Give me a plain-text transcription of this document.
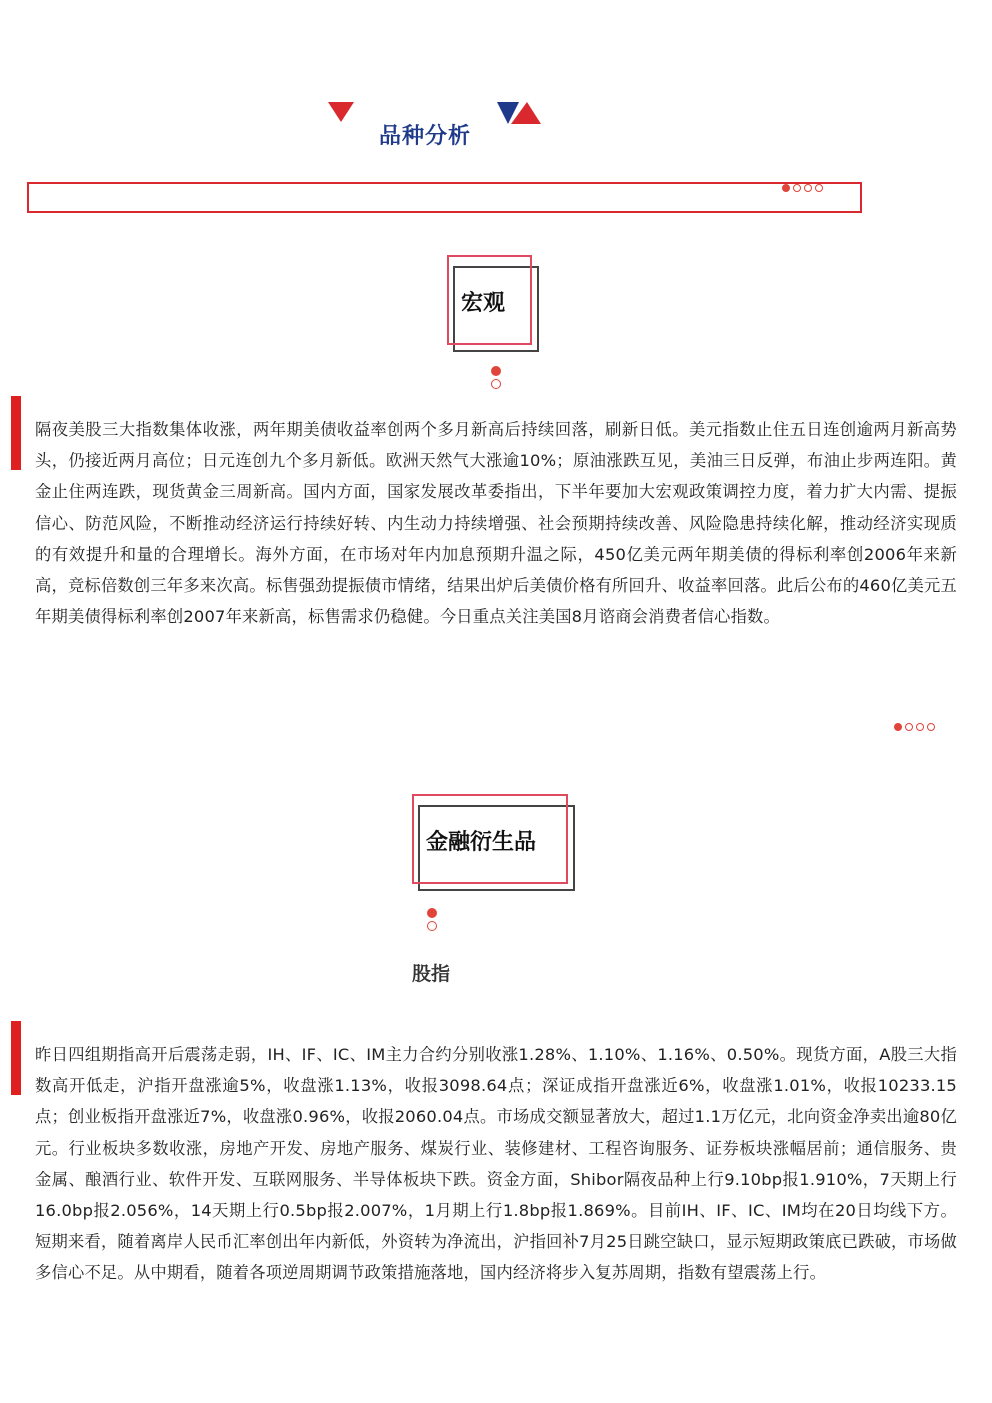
品种分析
宏观
隔夜美股三大指数集体收涨，两年期美债收益率创两个多月新高后持续回落，刷新日低。美元指数止住五日连创逾两月新高势头，仍接近两月高位；日元连创九个多月新低。欧洲天然气大涨逾10%；原油涨跌互见，美油三日反弹，布油止步两连阳。黄金止住两连跌，现货黄金三周新高。国内方面，国家发展改革委指出，下半年要加大宏观政策调控力度，着力扩大内需、提振信心、防范风险，不断推动经济运行持续好转、内生动力持续增强、社会预期持续改善、风险隐患持续化解，推动经济实现质的有效提升和量的合理增长。海外方面，在市场对年内加息预期升温之际，450亿美元两年期美债的得标利率创2006年来新高，竞标倍数创三年多来次高。标售强劲提振债市情绪，结果出炉后美债价格有所回升、收益率回落。此后公布的460亿美元五年期美债得标利率创2007年来新高，标售需求仍稳健。今日重点关注美国8月谘商会消费者信心指数。
金融衍生品
股指
昨日四组期指高开后震荡走弱，IH、IF、IC、IM主力合约分别收涨1.28%、1.10%、1.16%、0.50%。现货方面，A股三大指数高开低走，沪指开盘涨逾5%，收盘涨1.13%，收报3098.64点；深证成指开盘涨近6%，收盘涨1.01%，收报10233.15点；创业板指开盘涨近7%，收盘涨0.96%，收报2060.04点。市场成交额显著放大，超过1.1万亿元，北向资金净卖出逾80亿元。行业板块多数收涨，房地产开发、房地产服务、煤炭行业、装修建材、工程咨询服务、证券板块涨幅居前；通信服务、贵金属、酿酒行业、软件开发、互联网服务、半导体板块下跌。资金方面，Shibor隔夜品种上行9.10bp报1.910%，7天期上行16.0bp报2.056%，14天期上行0.5bp报2.007%，1月期上行1.8bp报1.869%。目前IH、IF、IC、IM均在20日均线下方。短期来看，随着离岸人民币汇率创出年内新低，外资转为净流出，沪指回补7月25日跳空缺口，显示短期政策底已跌破，市场做多信心不足。从中期看，随着各项逆周期调节政策措施落地，国内经济将步入复苏周期，指数有望震荡上行。
